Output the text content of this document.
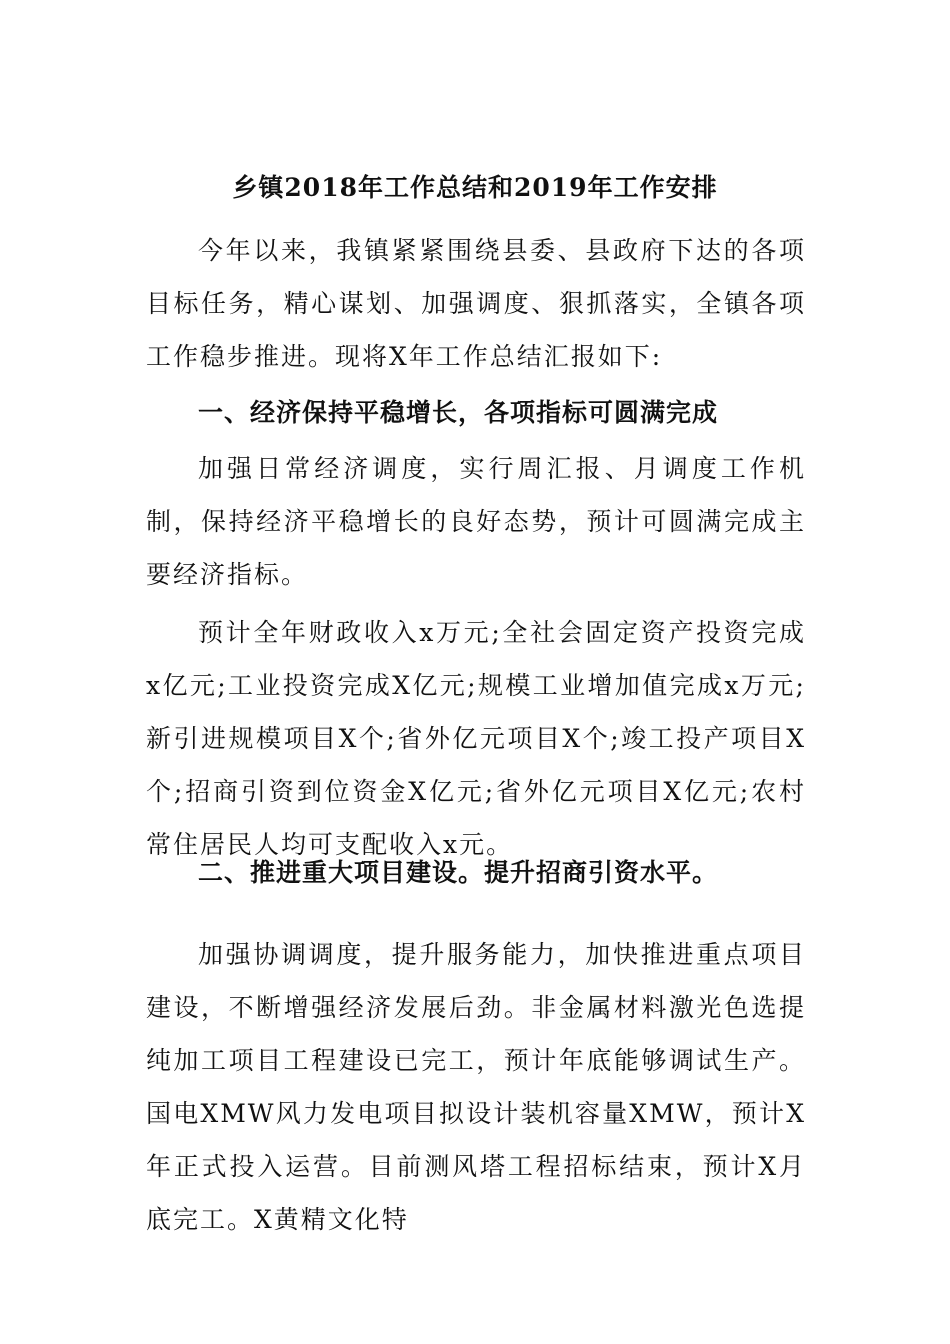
乡镇2018年工作总结和2019年工作安排

今年以来，我镇紧紧围绕县委、县政府下达的各项目标任务，精心谋划、加强调度、狠抓落实，全镇各项工作稳步推进。现将X年工作总结汇报如下:

一、经济保持平稳增长，各项指标可圆满完成

加强日常经济调度，实行周汇报、月调度工作机制，保持经济平稳增长的良好态势，预计可圆满完成主要经济指标。

预计全年财政收入x万元;全社会固定资产投资完成x亿元;工业投资完成X亿元;规模工业增加值完成x万元;新引进规模项目X个;省外亿元项目X个;竣工投产项目X个;招商引资到位资金X亿元;省外亿元项目X亿元;农村常住居民人均可支配收入x元。

二、推进重大项目建设。提升招商引资水平。

加强协调调度，提升服务能力，加快推进重点项目建设，不断增强经济发展后劲。非金属材料激光色选提纯加工项目工程建设已完工，预计年底能够调试生产。国电XMW风力发电项目拟设计装机容量XMW，预计X年正式投入运营。目前测风塔工程招标结束，预计X月底完工。X黄精文化特
